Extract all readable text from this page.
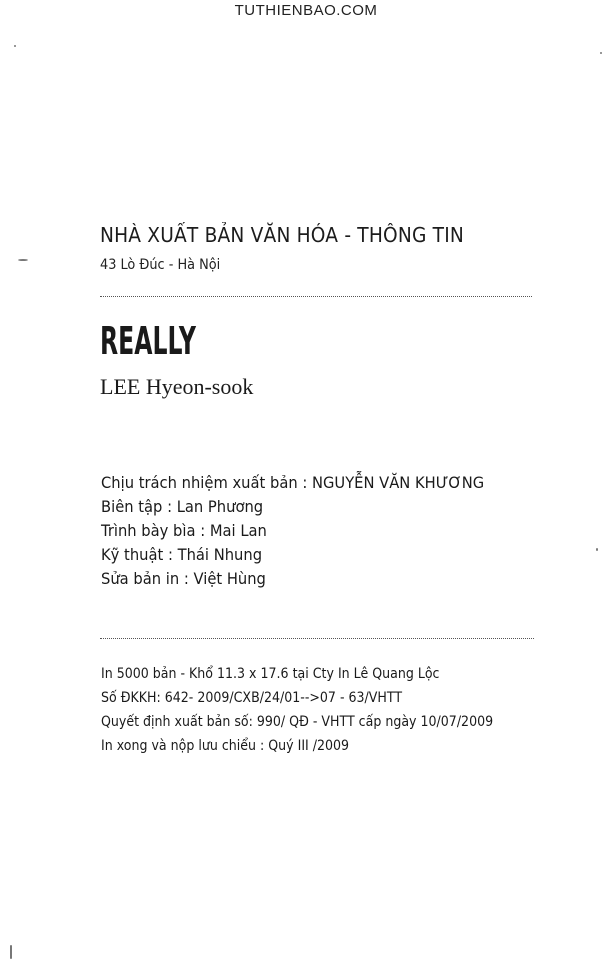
TUTHIENBAO.COM
NHÀ XUẤT BẢN VĂN HÓA - THÔNG TIN
43 Lò Đúc - Hà Nội
REALLY
LEE Hyeon-sook
Chịu trách nhiệm xuất bản : NGUYỄN VĂN KHƯƠNG
Biên tập : Lan Phương
Trình bày bìa : Mai Lan
Kỹ thuật : Thái Nhung
Sửa bản in : Việt Hùng
In 5000 bản - Khổ 11.3 x 17.6 tại Cty In Lê Quang Lộc
Số ĐKKH: 642- 2009/CXB/24/01-->07 - 63/VHTT
Quyết định xuất bản số: 990/ QĐ - VHTT cấp ngày 10/07/2009
In xong và nộp lưu chiểu : Quý III /2009
